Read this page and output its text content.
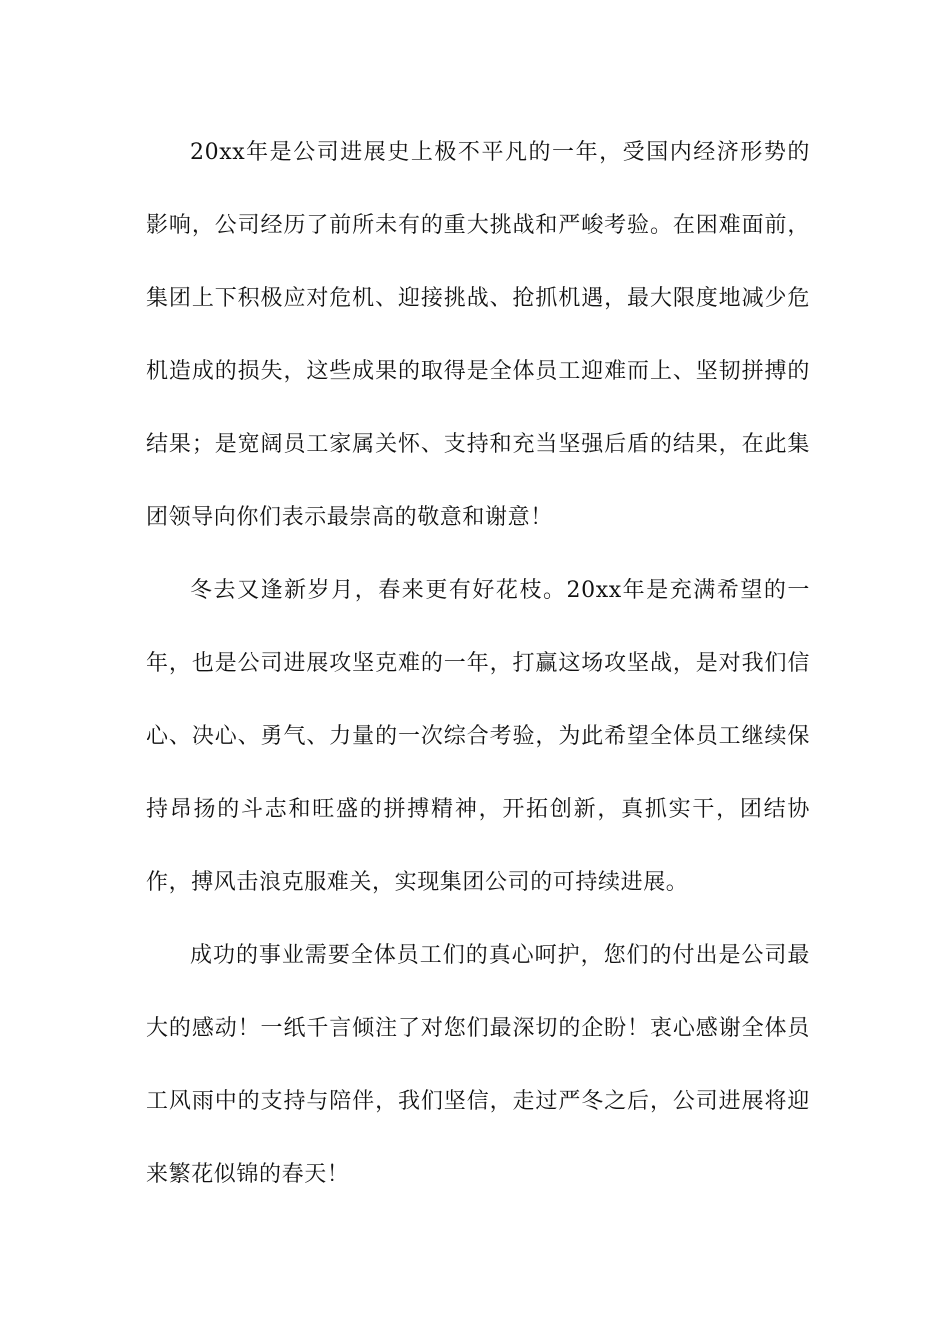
20xx年是公司进展史上极不平凡的一年，受国内经济形势的影响，公司经历了前所未有的重大挑战和严峻考验。在困难面前，集团上下积极应对危机、迎接挑战、抢抓机遇，最大限度地减少危机造成的损失，这些成果的取得是全体员工迎难而上、坚韧拼搏的结果；是宽阔员工家属关怀、支持和充当坚强后盾的结果，在此集团领导向你们表示最崇高的敬意和谢意！

冬去又逢新岁月，春来更有好花枝。20xx年是充满希望的一年，也是公司进展攻坚克难的一年，打赢这场攻坚战，是对我们信心、决心、勇气、力量的一次综合考验，为此希望全体员工继续保持昂扬的斗志和旺盛的拼搏精神，开拓创新，真抓实干，团结协作，搏风击浪克服难关，实现集团公司的可持续进展。

成功的事业需要全体员工们的真心呵护，您们的付出是公司最大的感动！一纸千言倾注了对您们最深切的企盼！衷心感谢全体员工风雨中的支持与陪伴，我们坚信，走过严冬之后，公司进展将迎来繁花似锦的春天！
